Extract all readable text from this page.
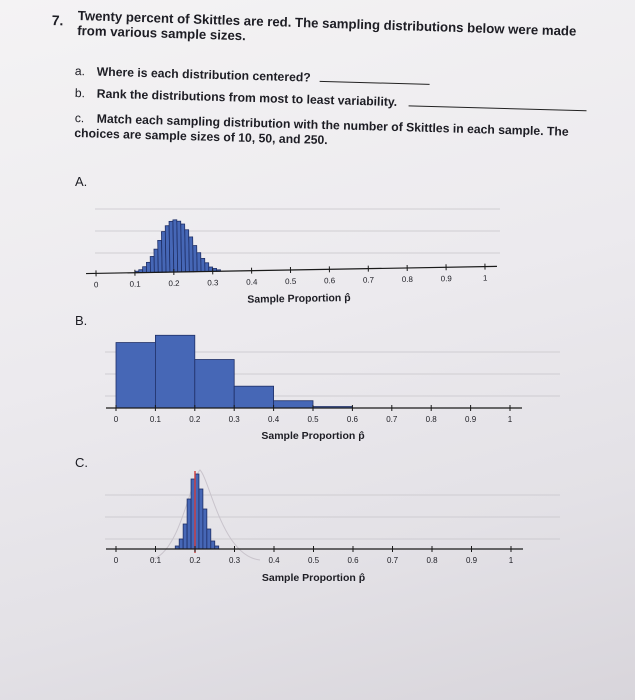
7. Twenty percent of Skittles are red. The sampling distributions below were made from various sample sizes.

a. Where is each distribution centered?

b. Rank the distributions from most to least variability.

c. Match each sampling distribution with the number of Skittles in each sample. The choices are sample sizes of 10, 50, and 250.
A.
B.
C.
0	0.1	0.2	0.3	0.4	0.5	0.6	0.7	0.8	0.9	1
Sample Proportion p̂
0	0.1	0.2	0.3	0.4	0.5	0.6	0.7	0.8	0.9	1
Sample Proportion p̂
0	0.1	0.2	0.3	0.4	0.5	0.6	0.7	0.8	0.9	1
Sample Proportion p̂
